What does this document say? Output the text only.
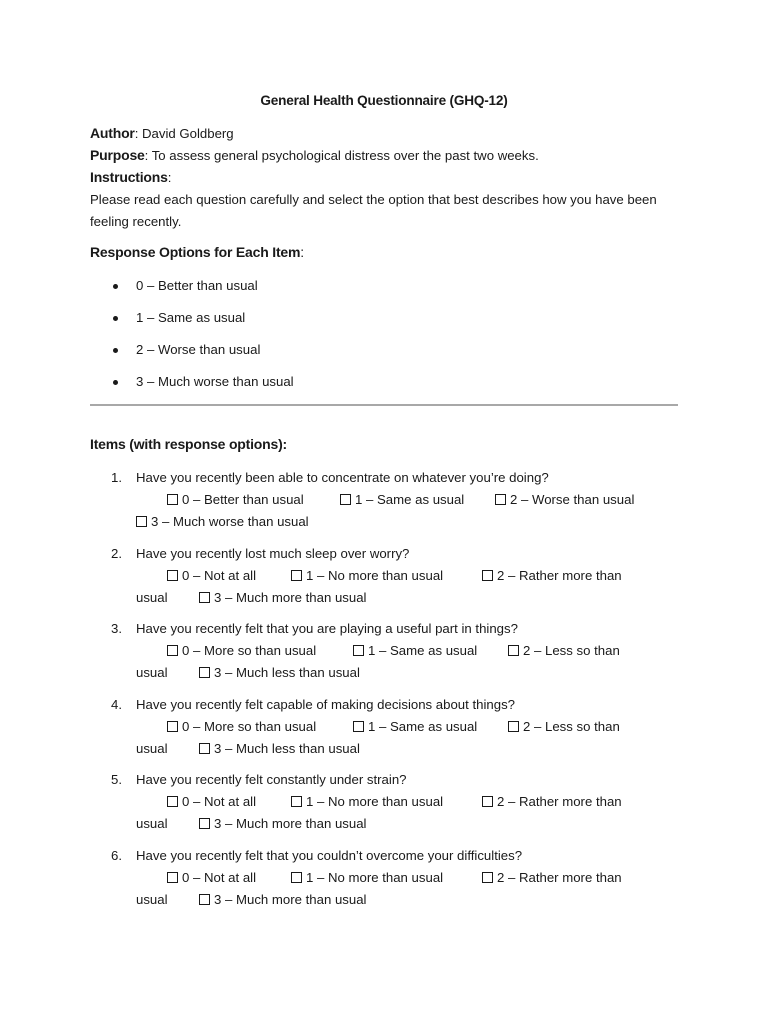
General Health Questionnaire (GHQ-12)
Author: David Goldberg
Purpose: To assess general psychological distress over the past two weeks.
Instructions:
Please read each question carefully and select the option that best describes how you have been feeling recently.
Response Options for Each Item:
0 – Better than usual
1 – Same as usual
2 – Worse than usual
3 – Much worse than usual
Items (with response options):
1. Have you recently been able to concentrate on whatever you’re doing?
0 – Better than usual	1 – Same as usual	2 – Worse than usual
3 – Much worse than usual
2. Have you recently lost much sleep over worry?
0 – Not at all	1 – No more than usual	2 – Rather more than
usual	3 – Much more than usual
3. Have you recently felt that you are playing a useful part in things?
0 – More so than usual	1 – Same as usual	2 – Less so than
usual	3 – Much less than usual
4. Have you recently felt capable of making decisions about things?
0 – More so than usual	1 – Same as usual	2 – Less so than
usual	3 – Much less than usual
5. Have you recently felt constantly under strain?
0 – Not at all	1 – No more than usual	2 – Rather more than
usual	3 – Much more than usual
6. Have you recently felt that you couldn’t overcome your difficulties?
0 – Not at all	1 – No more than usual	2 – Rather more than
usual	3 – Much more than usual
